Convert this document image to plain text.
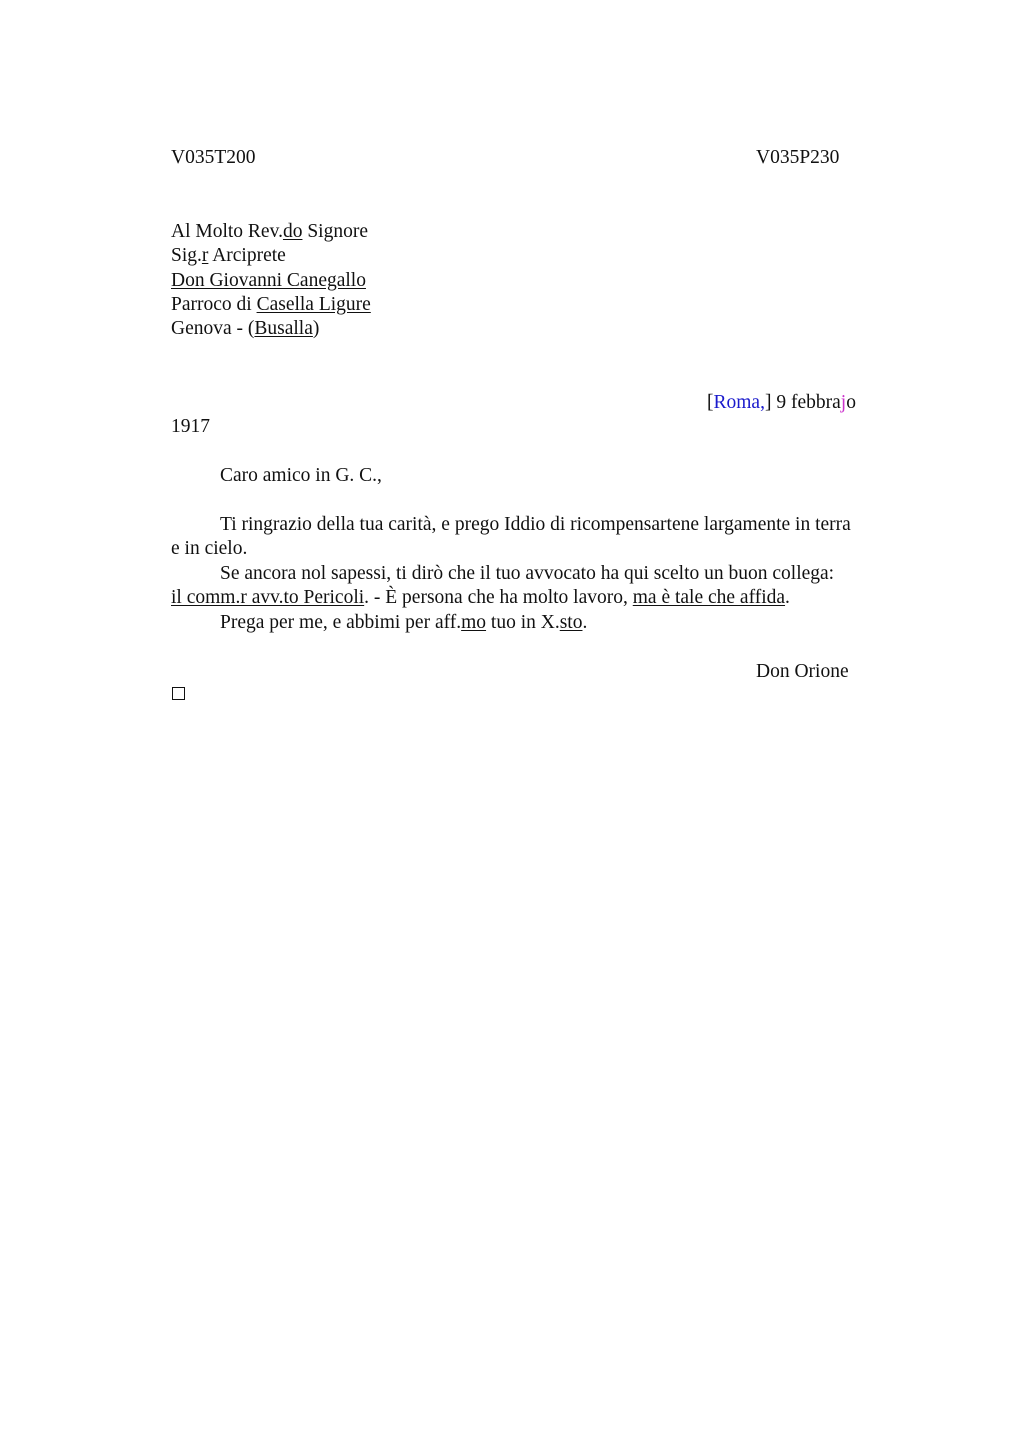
V035T200	V035P230
Al Molto Rev.do Signore
Sig.r Arciprete
Don Giovanni Canegallo
Parroco di Casella Ligure
Genova - (Busalla)
[Roma,] 9 febbrajo
1917
Caro amico in G. C.,
Ti ringrazio della tua carità, e prego Iddio di ricompensartene largamente in terra
e in cielo.
Se ancora nol sapessi, ti dirò che il tuo avvocato ha qui scelto un buon collega:
il comm.r avv.to Pericoli. - È persona che ha molto lavoro, ma è tale che affida.
Prega per me, e abbimi per aff.mo tuo in X.sto.
Don Orione
